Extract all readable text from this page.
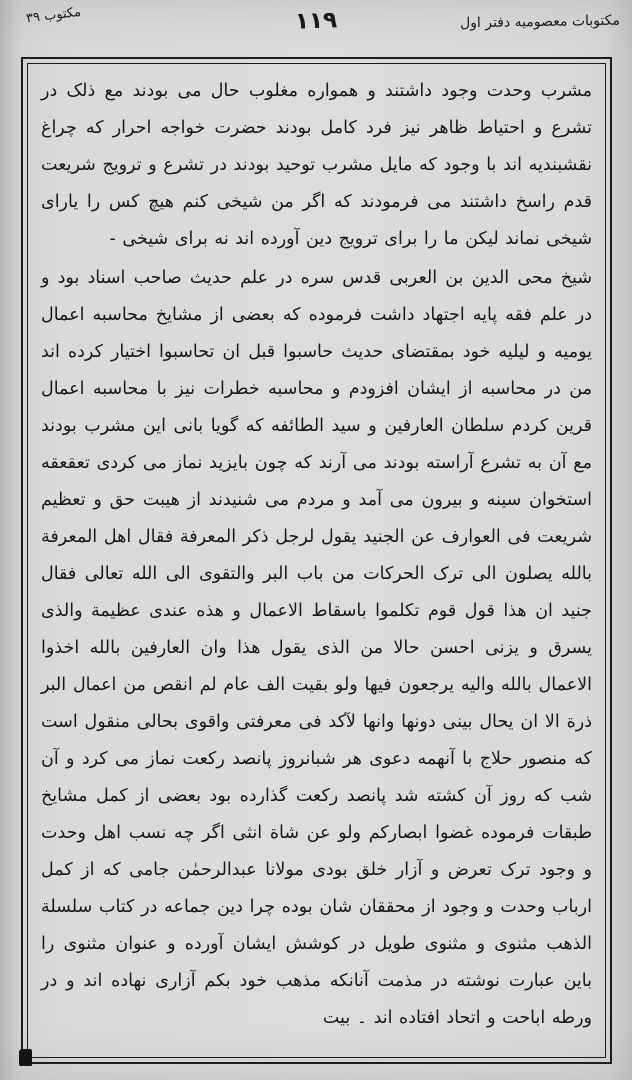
مكتوبات معصومیه دفتر اول
١١٩
مكتوب ٣٩
مشرب وحدت وجود داشتند و همواره مغلوب حال می بودند مع ذلک در تشرع و احتیاط ظاهر نیز فرد کامل بودند حضرت خواجه احرار که چراغ نقشبندیه اند با وجود که مایل مشرب توحید بودند در تشرع و ترویج شریعت قدم راسخ داشتند می فرمودند که اگر من شیخی کنم هیچ کس را یارای شیخی نماند لیکن ما را برای ترویج دین آورده اند نه برای شیخی -
شیخ محی الدین بن العربی قدس سره در علم حدیث صاحب اسناد بود و در علم فقه پایه اجتهاد داشت فرموده که بعضی از مشایخ محاسبه اعمال یومیه و لیلیه خود بمقتضای حدیث حاسبوا قبل ان تحاسبوا اختیار کرده اند من در محاسبه از ایشان افزودم و محاسبه خطرات نیز با محاسبه اعمال قرین کردم سلطان العارفین و سید الطائفه که گویا بانی این مشرب بودند مع آن به تشرع آراسته بودند می آرند که چون بایزید نماز می کردی تعقعقه استخوان سینه و بیرون می آمد و مردم می شنیدند از هیبت حق و تعظیم شریعت فی العوارف عن الجنید یقول لرجل ذکر المعرفة فقال اهل المعرفة بالله یصلون الی ترک الحرکات من باب البر والتقوی الی الله تعالی فقال جنید ان هذا قول قوم تکلموا باسقاط الاعمال و هذه عندی عظیمة والذی یسرق و یزنی احسن حالا من الذی یقول هذا وان العارفین بالله اخذوا الاعمال بالله والیه یرجعون فیها ولو بقیت الف عام لم انقص من اعمال البر ذرة الا ان یحال بینی دونها وانها لآکد فی معرفتی واقوی بحالی منقول است که منصور حلاج با آنهمه دعوی هر شبانروز پانصد رکعت نماز می کرد و آن شب که روز آن کشته شد پانصد رکعت گذارده بود بعضی از کمل مشایخ طبقات فرموده غضوا ابصارکم ولو عن شاة انثی اگر چه نسب اهل وحدت و وجود ترک تعرض و آزار خلق بودی مولانا عبدالرحمٰن جامی که از کمل ارباب وحدت و وجود از محققان شان بوده چرا دین جماعه در کتاب سلسلة الذهب مثنوی و مثنوی طویل در کوشش ایشان آورده و عنوان مثنوی را باین عبارت نوشته در مذمت آنانکه مذهب خود بکم آزاری نهاده اند و در ورطه اباحت و اتحاد افتاده اند ۔ بیت
